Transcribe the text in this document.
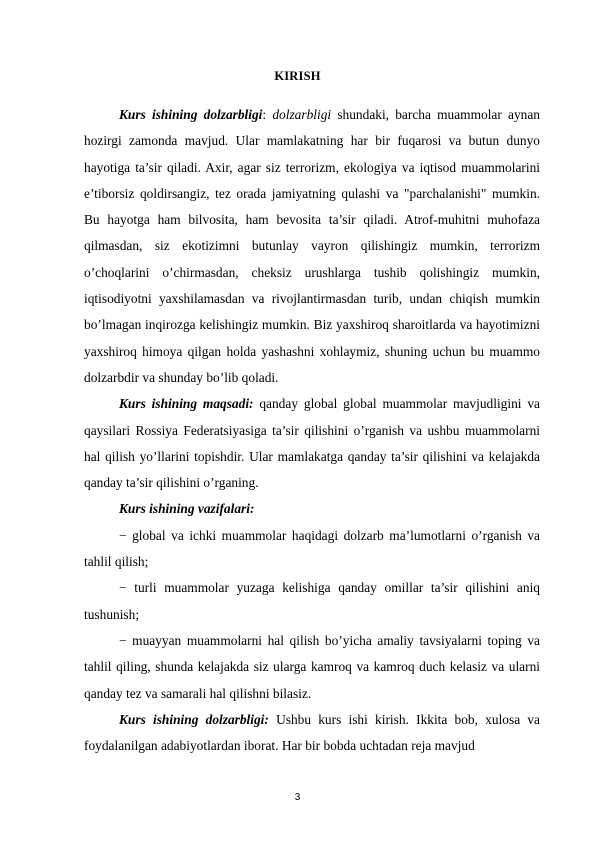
KIRISH

Kurs ishining dolzarbligi: dolzarbligi shundaki, barcha muammolar aynan hozirgi zamonda mavjud. Ular mamlakatning har bir fuqarosi va butun dunyo hayotiga ta’sir qiladi. Axir, agar siz terrorizm, ekologiya va iqtisod muammolarini e’tiborsiz qoldirsangiz, tez orada jamiyatning qulashi va "parchalanishi" mumkin. Bu hayotga ham bilvosita, ham bevosita ta’sir qiladi. Atrof-muhitni muhofaza qilmasdan, siz ekotizimni butunlay vayron qilishingiz mumkin, terrorizm o’choqlarini o’chirmasdan, cheksiz urushlarga tushib qolishingiz mumkin, iqtisodiyotni yaxshilamasdan va rivojlantirmasdan turib, undan chiqish mumkin bo’lmagan inqirozga kelishingiz mumkin. Biz yaxshiroq sharoitlarda va hayotimizni yaxshiroq himoya qilgan holda yashashni xohlaymiz, shuning uchun bu muammo dolzarbdir va shunday bo’lib qoladi.

Kurs ishining maqsadi: qanday global global muammolar mavjudligini va qaysilari Rossiya Federatsiyasiga ta’sir qilishini o’rganish va ushbu muammolarni hal qilish yo’llarini topishdir. Ular mamlakatga qanday ta’sir qilishini va kelajakda qanday ta’sir qilishini o’rganing.

Kurs ishining vazifalari:

− global va ichki muammolar haqidagi dolzarb ma’lumotlarni o’rganish va tahlil qilish;

− turli muammolar yuzaga kelishiga qanday omillar ta’sir qilishini aniq tushunish;

− muayyan muammolarni hal qilish bo’yicha amaliy tavsiyalarni toping va tahlil qiling, shunda kelajakda siz ularga kamroq va kamroq duch kelasiz va ularni qanday tez va samarali hal qilishni bilasiz.

Kurs ishining dolzarbligi: Ushbu kurs ishi kirish. Ikkita bob, xulosa va foydalanilgan adabiyotlardan iborat. Har bir bobda uchtadan reja mavjud

3
